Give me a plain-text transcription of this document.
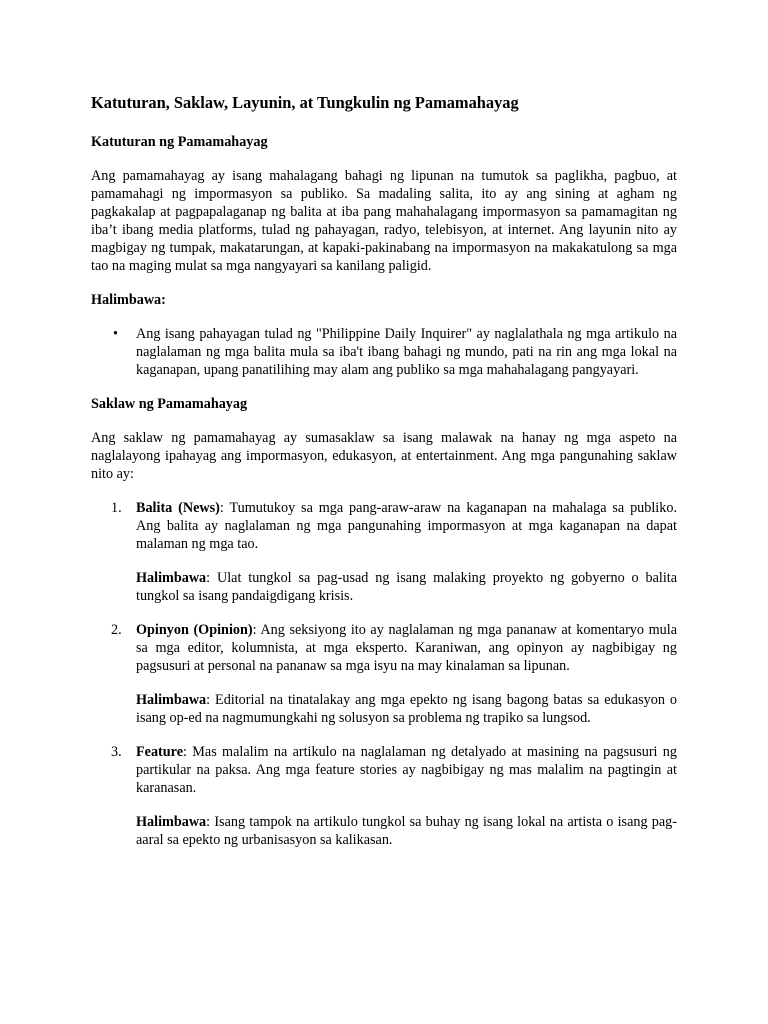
Katuturan, Saklaw, Layunin, at Tungkulin ng Pamamahayag
Katuturan ng Pamamahayag

Ang pamamahayag ay isang mahalagang bahagi ng lipunan na tumutok sa paglikha, pagbuo, at pamamahagi ng impormasyon sa publiko. Sa madaling salita, ito ay ang sining at agham ng pagkakalap at pagpapalaganap ng balita at iba pang mahahalagang impormasyon sa pamamagitan ng iba’t ibang media platforms, tulad ng pahayagan, radyo, telebisyon, at internet. Ang layunin nito ay magbigay ng tumpak, makatarungan, at kapaki-pakinabang na impormasyon na makakatulong sa mga tao na maging mulat sa mga nangyayari sa kanilang paligid.

Halimbawa:
• Ang isang pahayagan tulad ng "Philippine Daily Inquirer" ay naglalathala ng mga artikulo na naglalaman ng mga balita mula sa iba't ibang bahagi ng mundo, pati na rin ang mga lokal na kaganapan, upang panatilihing may alam ang publiko sa mga mahahalagang pangyayari.
Saklaw ng Pamamahayag

Ang saklaw ng pamamahayag ay sumasaklaw sa isang malawak na hanay ng mga aspeto na naglalayong ipahayag ang impormasyon, edukasyon, at entertainment. Ang mga pangunahing saklaw nito ay:

1. Balita (News): Tumutukoy sa mga pang-araw-araw na kaganapan na mahalaga sa publiko. Ang balita ay naglalaman ng mga pangunahing impormasyon at mga kaganapan na dapat malaman ng mga tao.

Halimbawa: Ulat tungkol sa pag-usad ng isang malaking proyekto ng gobyerno o balita tungkol sa isang pandaigdigang krisis.

2. Opinyon (Opinion): Ang seksiyong ito ay naglalaman ng mga pananaw at komentaryo mula sa mga editor, kolumnista, at mga eksperto. Karaniwan, ang opinyon ay nagbibigay ng pagsusuri at personal na pananaw sa mga isyu na may kinalaman sa lipunan.

Halimbawa: Editorial na tinatalakay ang mga epekto ng isang bagong batas sa edukasyon o isang op-ed na nagmumungkahi ng solusyon sa problema ng trapiko sa lungsod.

3. Feature: Mas malalim na artikulo na naglalaman ng detalyado at masining na pagsusuri ng partikular na paksa. Ang mga feature stories ay nagbibigay ng mas malalim na pagtingin at karanasan.

Halimbawa: Isang tampok na artikulo tungkol sa buhay ng isang lokal na artista o isang pag-aaral sa epekto ng urbanisasyon sa kalikasan.
